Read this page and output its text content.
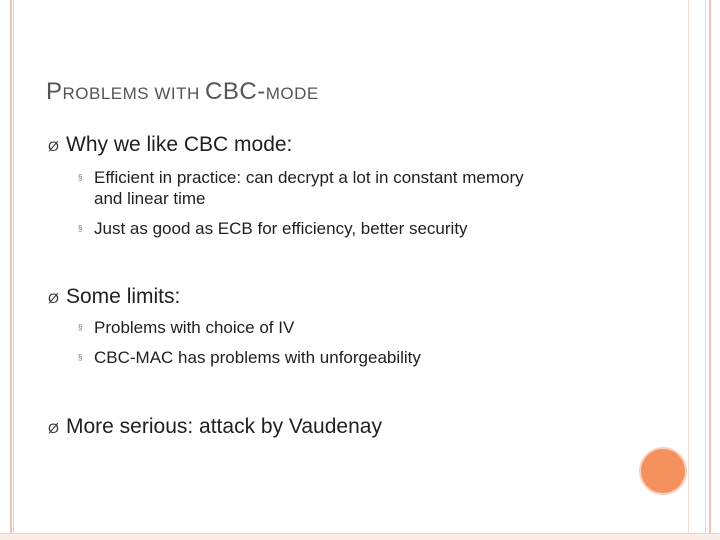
PROBLEMS WITH CBC-MODE
Ø Why we like CBC mode:
§ Efficient in practice: can decrypt a lot in constant memory
and linear time
§ Just as good as ECB for efficiency, better security
Ø Some limits:
§ Problems with choice of IV
§ CBC-MAC has problems with unforgeability
Ø More serious: attack by Vaudenay
